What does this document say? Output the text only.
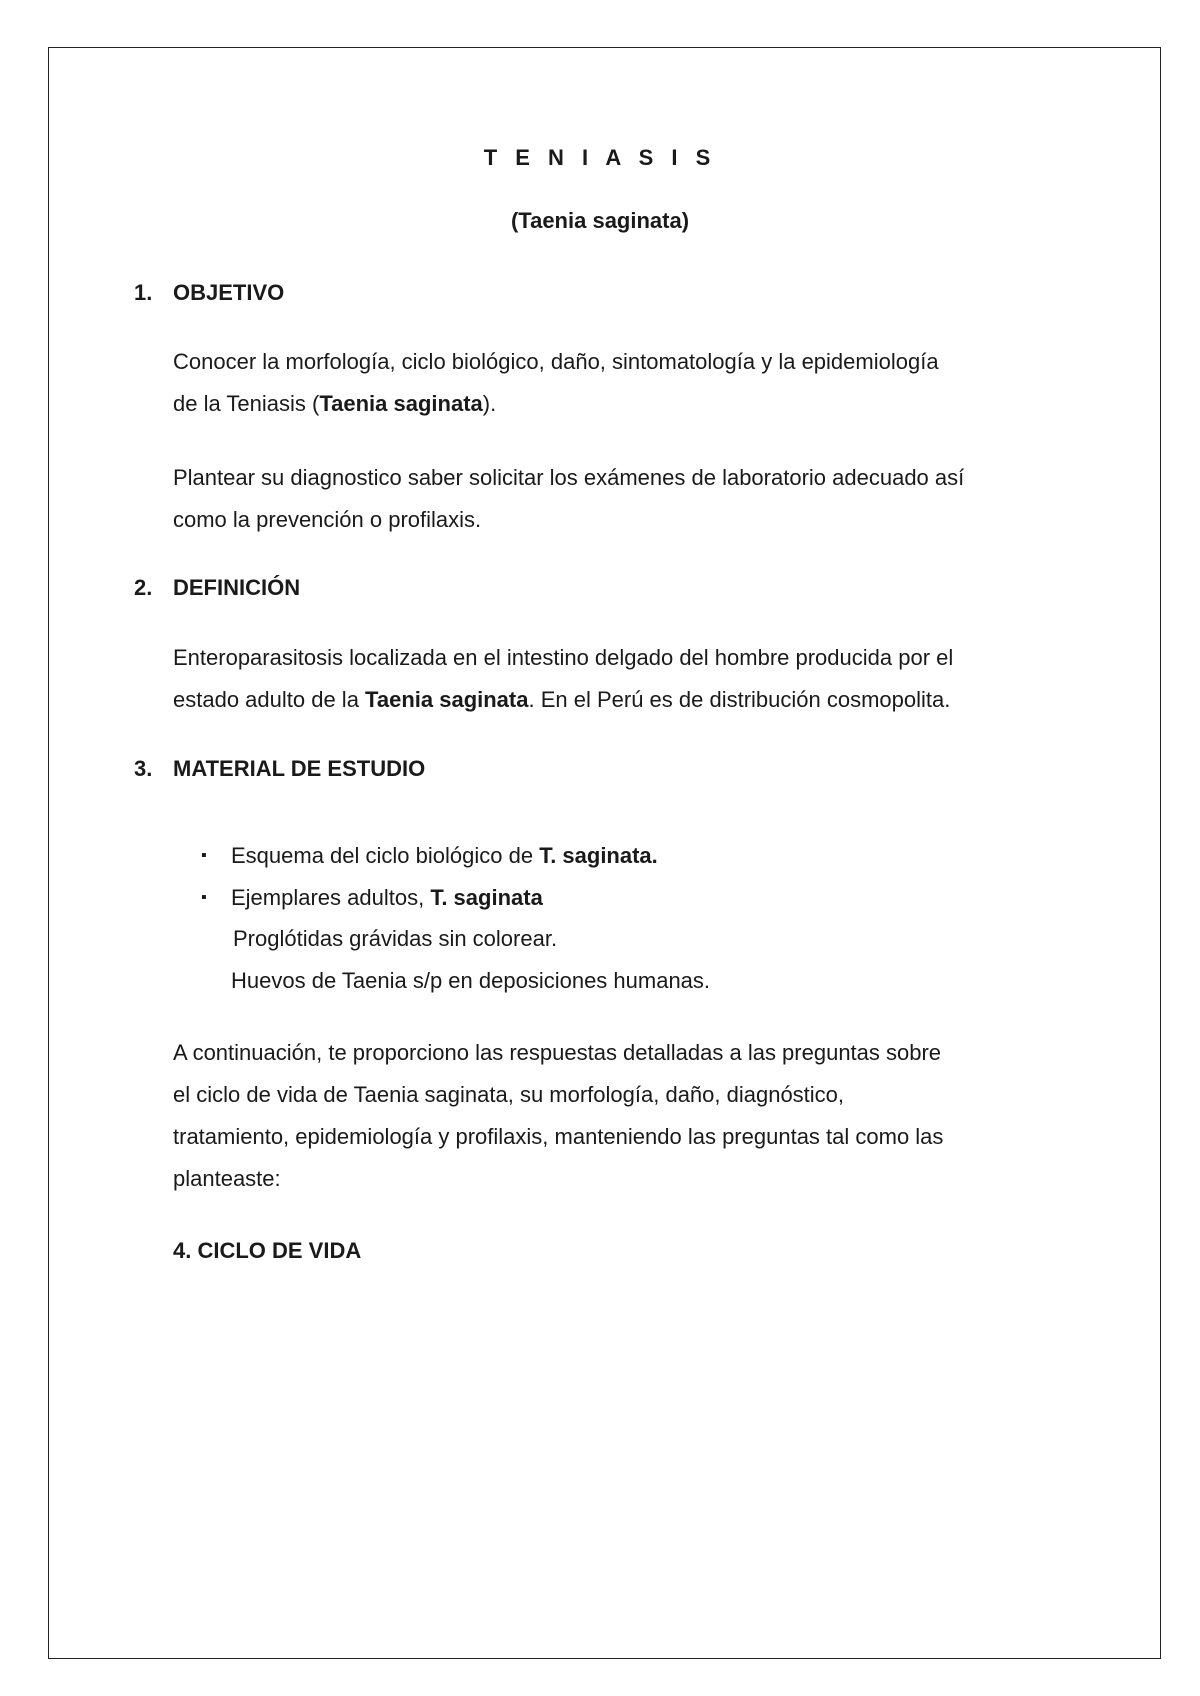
T E N I A S I S
(Taenia saginata)
1. OBJETIVO
Conocer la morfología, ciclo biológico, daño, sintomatología y la epidemiología
de la Teniasis (Taenia saginata).
Plantear su diagnostico saber solicitar los exámenes de laboratorio adecuado así
como la prevención o profilaxis.
2. DEFINICIÓN
Enteroparasitosis localizada en el intestino delgado del hombre producida por el
estado adulto de la Taenia saginata. En el Perú es de distribución cosmopolita.
3. MATERIAL DE ESTUDIO
▪ Esquema del ciclo biológico de T. saginata.
▪ Ejemplares adultos, T. saginata
Proglótidas grávidas sin colorear.
Huevos de Taenia s/p en deposiciones humanas.
A continuación, te proporciono las respuestas detalladas a las preguntas sobre
el ciclo de vida de Taenia saginata, su morfología, daño, diagnóstico,
tratamiento, epidemiología y profilaxis, manteniendo las preguntas tal como las
planteaste:
4. CICLO DE VIDA
